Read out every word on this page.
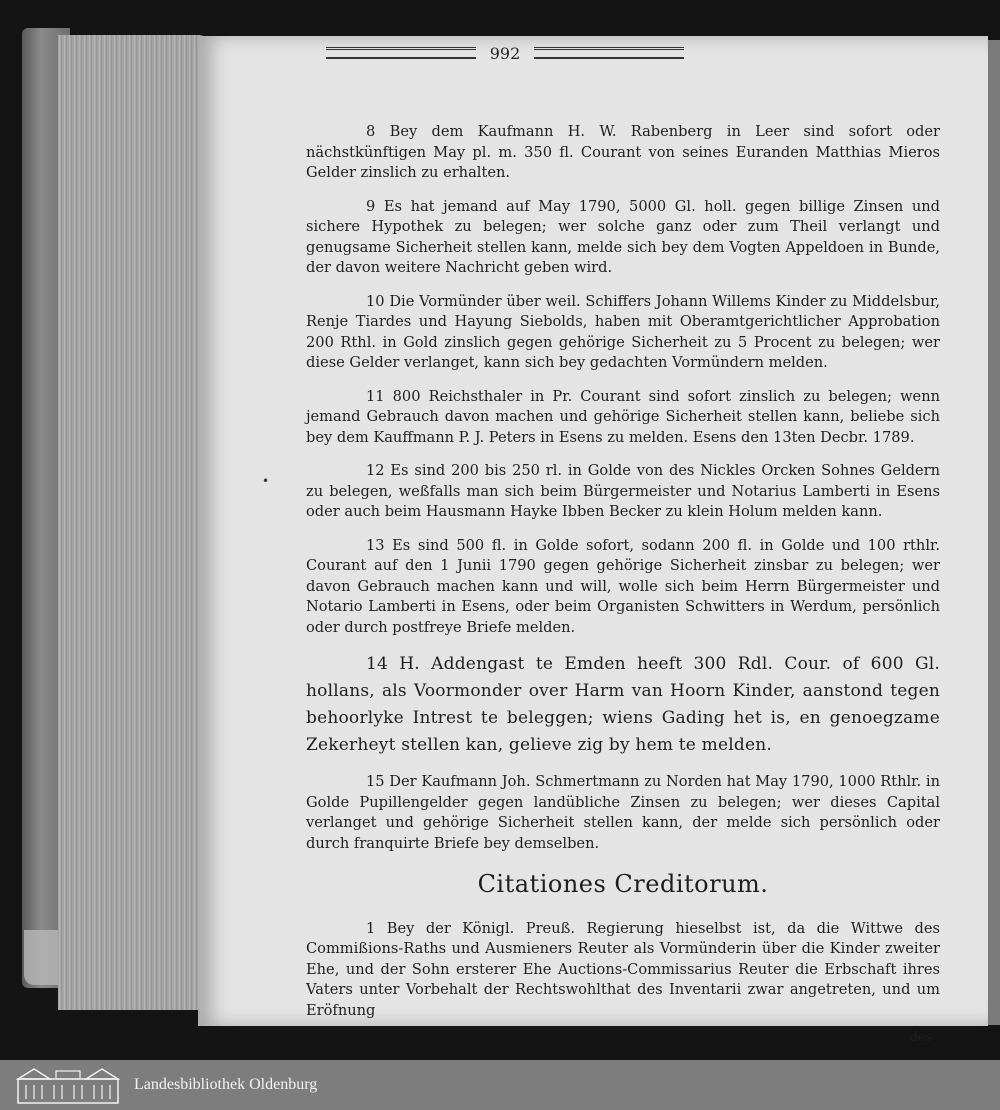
992
•

8 Bey dem Kaufmann H. W. Rabenberg in Leer sind sofort oder nächstkünftigen May pl. m. 350 fl. Courant von seines Euranden Matthias Mieros Gelder zinslich zu erhalten.

9 Es hat jemand auf May 1790, 5000 Gl. holl. gegen billige Zinsen und sichere Hypothek zu belegen; wer solche ganz oder zum Theil verlangt und genugsame Sicherheit stellen kann, melde sich bey dem Vogten Appeldoen in Bunde, der davon weitere Nachricht geben wird.

10 Die Vormünder über weil. Schiffers Johann Willems Kinder zu Middelsbur, Renje Tiardes und Hayung Siebolds, haben mit Oberamtgerichtlicher Approbation 200 Rthl. in Gold zinslich gegen gehörige Sicherheit zu 5 Procent zu belegen; wer diese Gelder verlanget, kann sich bey gedachten Vormündern melden.

11 800 Reichsthaler in Pr. Courant sind sofort zinslich zu belegen; wenn jemand Gebrauch davon machen und gehörige Sicherheit stellen kann, beliebe sich bey dem Kauffmann P. J. Peters in Esens zu melden. Esens den 13ten Decbr. 1789.

12 Es sind 200 bis 250 rl. in Golde von des Nickles Orcken Sohnes Geldern zu belegen, weßfalls man sich beim Bürgermeister und Notarius Lamberti in Esens oder auch beim Hausmann Hayke Ibben Becker zu klein Holum melden kann.

13 Es sind 500 fl. in Golde sofort, sodann 200 fl. in Golde und 100 rthlr. Courant auf den 1 Junii 1790 gegen gehörige Sicherheit zinsbar zu belegen; wer davon Gebrauch machen kann und will, wolle sich beim Herrn Bürgermeister und Notario Lamberti in Esens, oder beim Organisten Schwitters in Werdum, persönlich oder durch postfreye Briefe melden.

14 H. Addengast te Emden heeft 300 Rdl. Cour. of 600 Gl. hollans, als Voormonder over Harm van Hoorn Kinder, aanstond tegen behoorlyke Intrest te beleggen; wiens Gading het is, en genoegzame Zekerheyt stellen kan, gelieve zig by hem te melden.

15 Der Kaufmann Joh. Schmertmann zu Norden hat May 1790, 1000 Rthlr. in Golde Pupillengelder gegen landübliche Zinsen zu belegen; wer dieses Capital verlanget und gehörige Sicherheit stellen kann, der melde sich persönlich oder durch franquirte Briefe bey demselben.

Citationes Creditorum.

1 Bey der Königl. Preuß. Regierung hieselbst ist, da die Wittwe des Commißions-Raths und Ausmieners Reuter als Vormünderin über die Kinder zweiter Ehe, und der Sohn ersterer Ehe Auctions-Commissarius Reuter die Erbschaft ihres Vaters unter Vorbehalt der Rechtswohlthat des Inventarii zwar angetreten, und um Eröfnung

des
Landesbibliothek Oldenburg
